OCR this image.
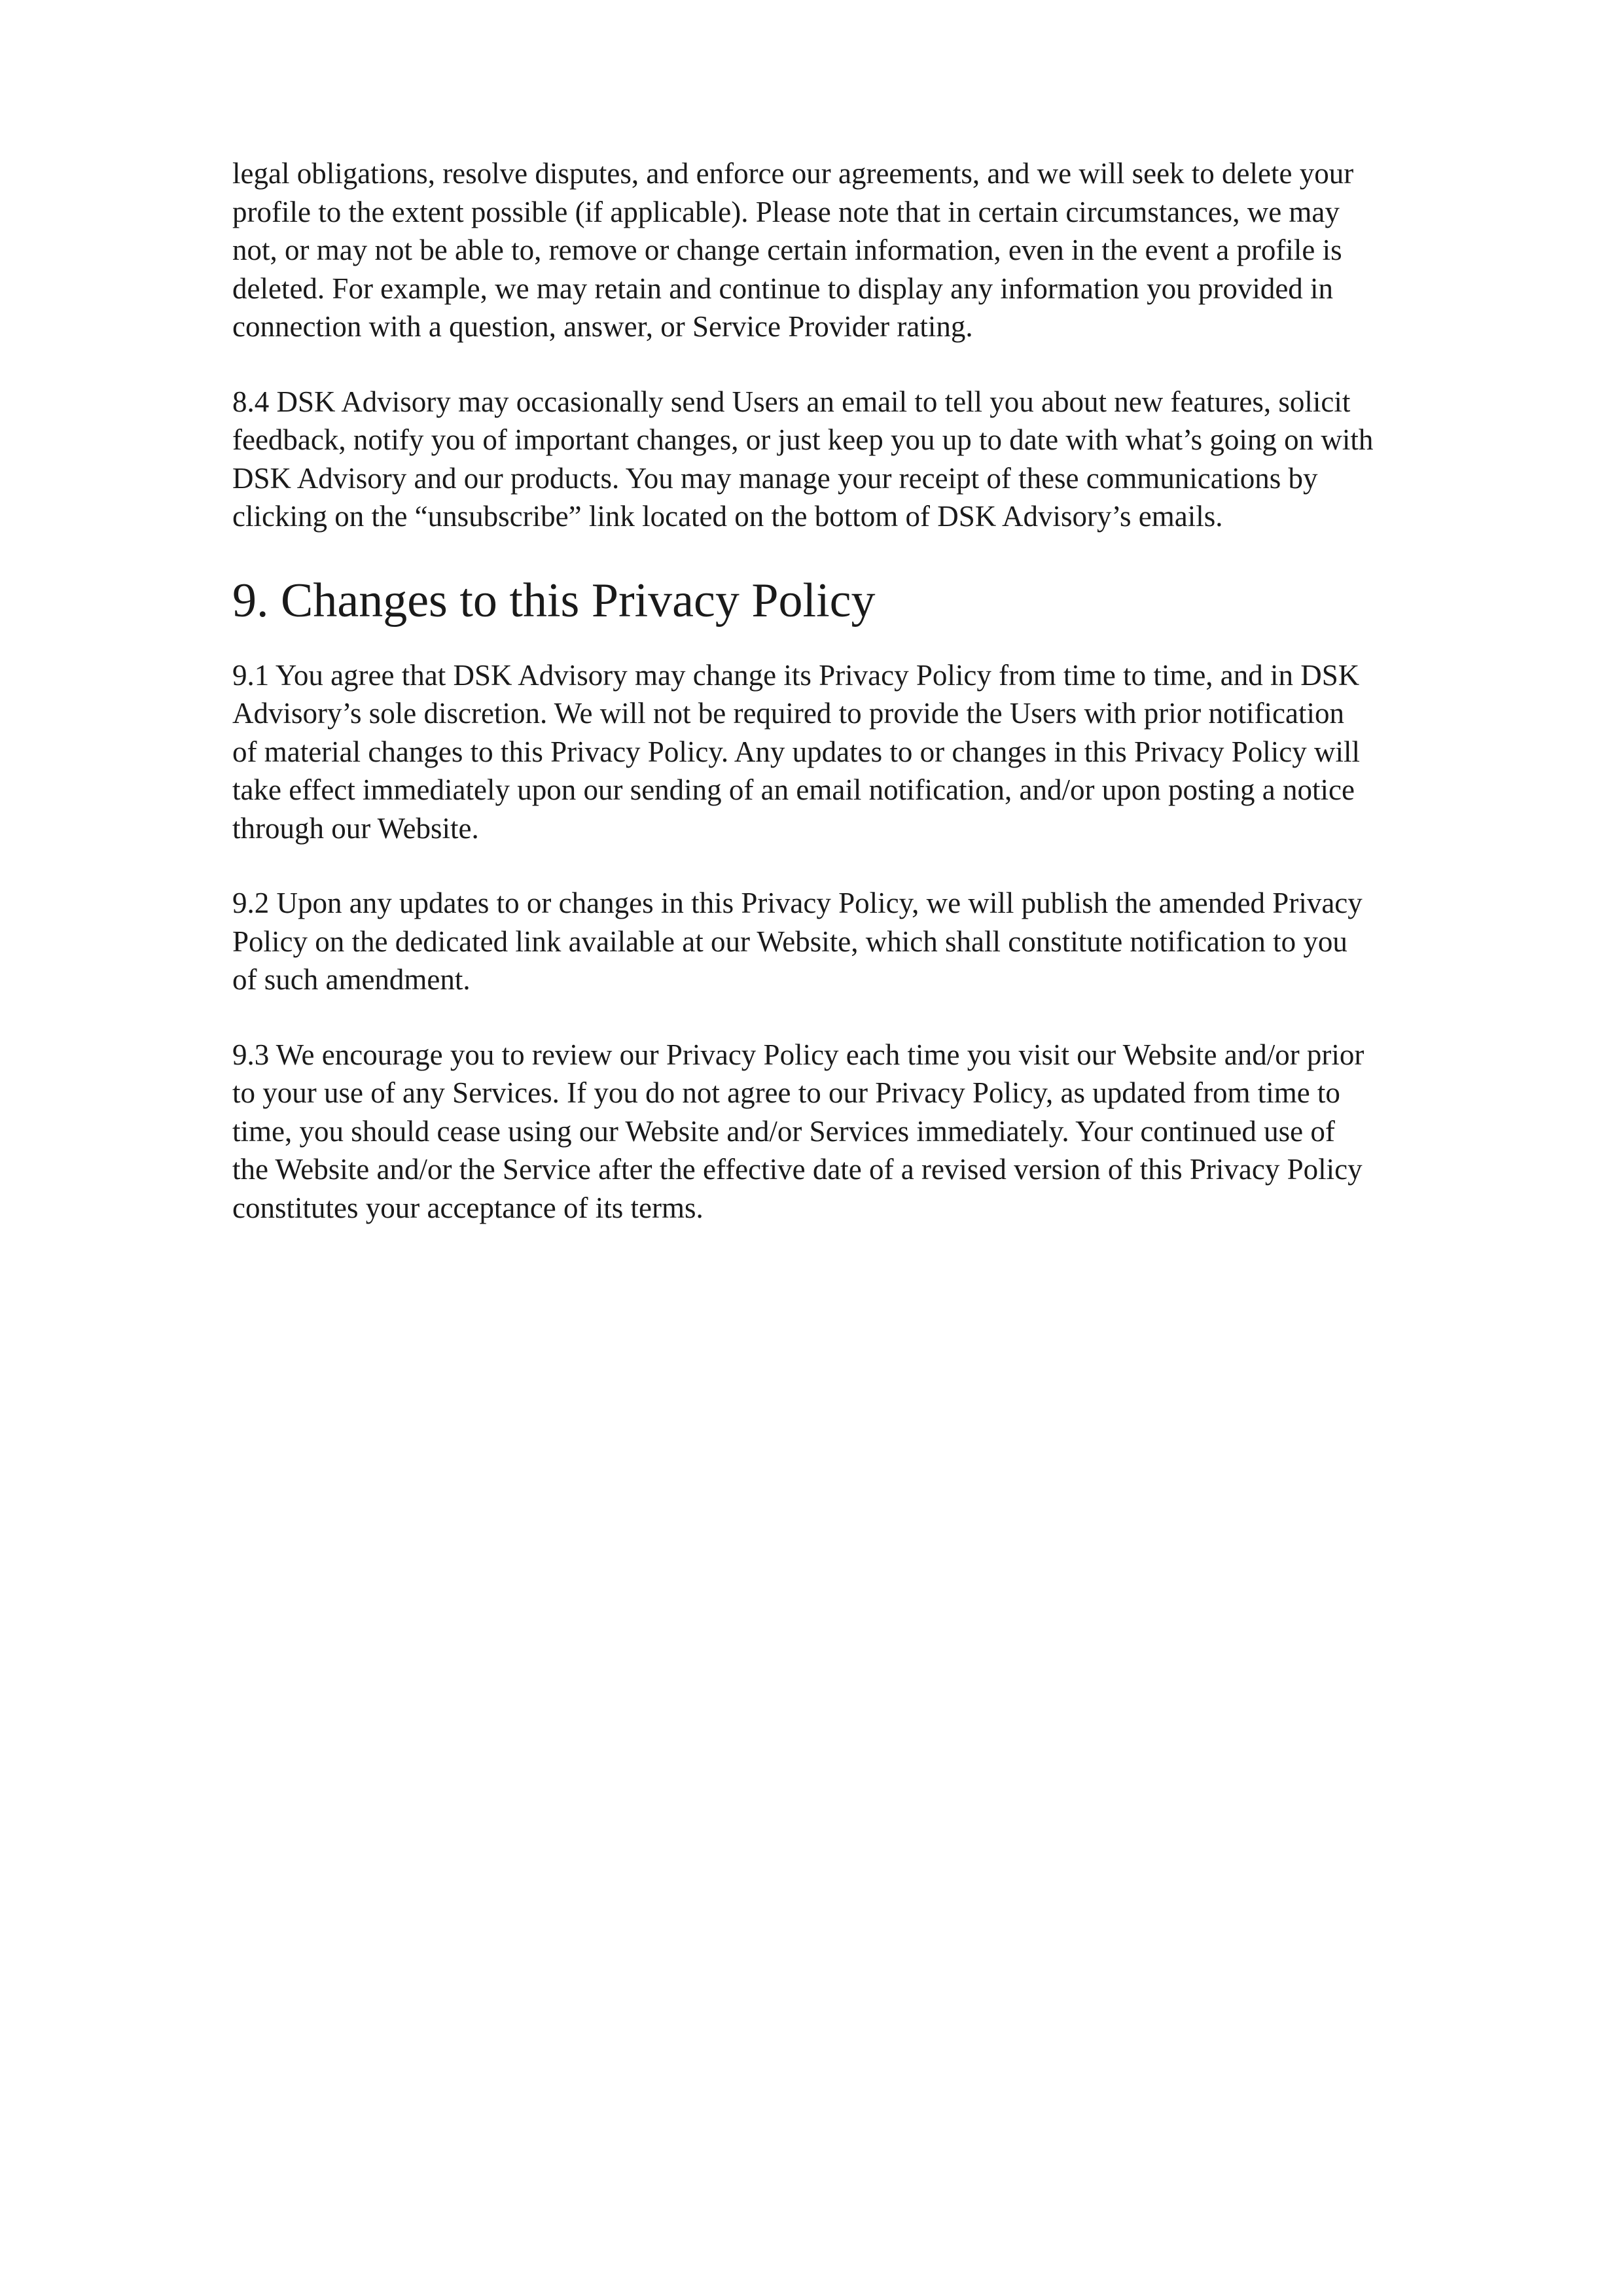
legal obligations, resolve disputes, and enforce our agreements, and we will seek to delete your
profile to the extent possible (if applicable). Please note that in certain circumstances, we may
not, or may not be able to, remove or change certain information, even in the event a profile is
deleted. For example, we may retain and continue to display any information you provided in
connection with a question, answer, or Service Provider rating.

8.4 DSK Advisory may occasionally send Users an email to tell you about new features, solicit
feedback, notify you of important changes, or just keep you up to date with what’s going on with
DSK Advisory and our products. You may manage your receipt of these communications by
clicking on the “unsubscribe” link located on the bottom of DSK Advisory’s emails.

9. Changes to this Privacy Policy

9.1 You agree that DSK Advisory may change its Privacy Policy from time to time, and in DSK
Advisory’s sole discretion. We will not be required to provide the Users with prior notification
of material changes to this Privacy Policy. Any updates to or changes in this Privacy Policy will
take effect immediately upon our sending of an email notification, and/or upon posting a notice
through our Website.

9.2 Upon any updates to or changes in this Privacy Policy, we will publish the amended Privacy
Policy on the dedicated link available at our Website, which shall constitute notification to you
of such amendment.

9.3 We encourage you to review our Privacy Policy each time you visit our Website and/or prior
to your use of any Services. If you do not agree to our Privacy Policy, as updated from time to
time, you should cease using our Website and/or Services immediately. Your continued use of
the Website and/or the Service after the effective date of a revised version of this Privacy Policy
constitutes your acceptance of its terms.
